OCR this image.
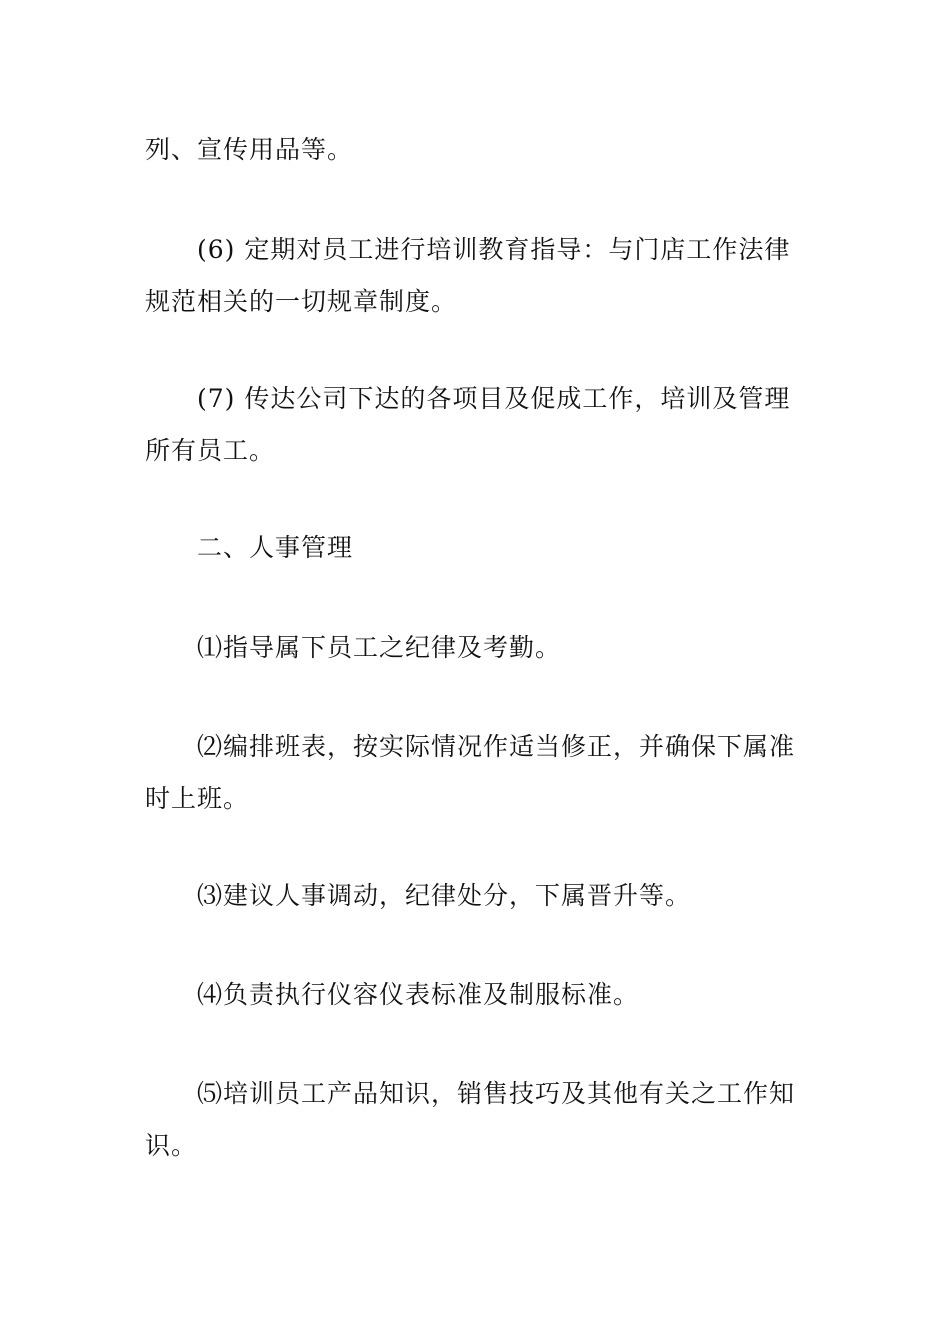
列、宣传用品等。
(6) 定期对员工进行培训教育指导：与门店工作法律
规范相关的一切规章制度。
(7) 传达公司下达的各项目及促成工作，培训及管理
所有员工。
二、人事管理
⑴指导属下员工之纪律及考勤。
⑵编排班表，按实际情况作适当修正，并确保下属准
时上班。
⑶建议人事调动，纪律处分，下属晋升等。
⑷负责执行仪容仪表标准及制服标准。
⑸培训员工产品知识，销售技巧及其他有关之工作知
识。
